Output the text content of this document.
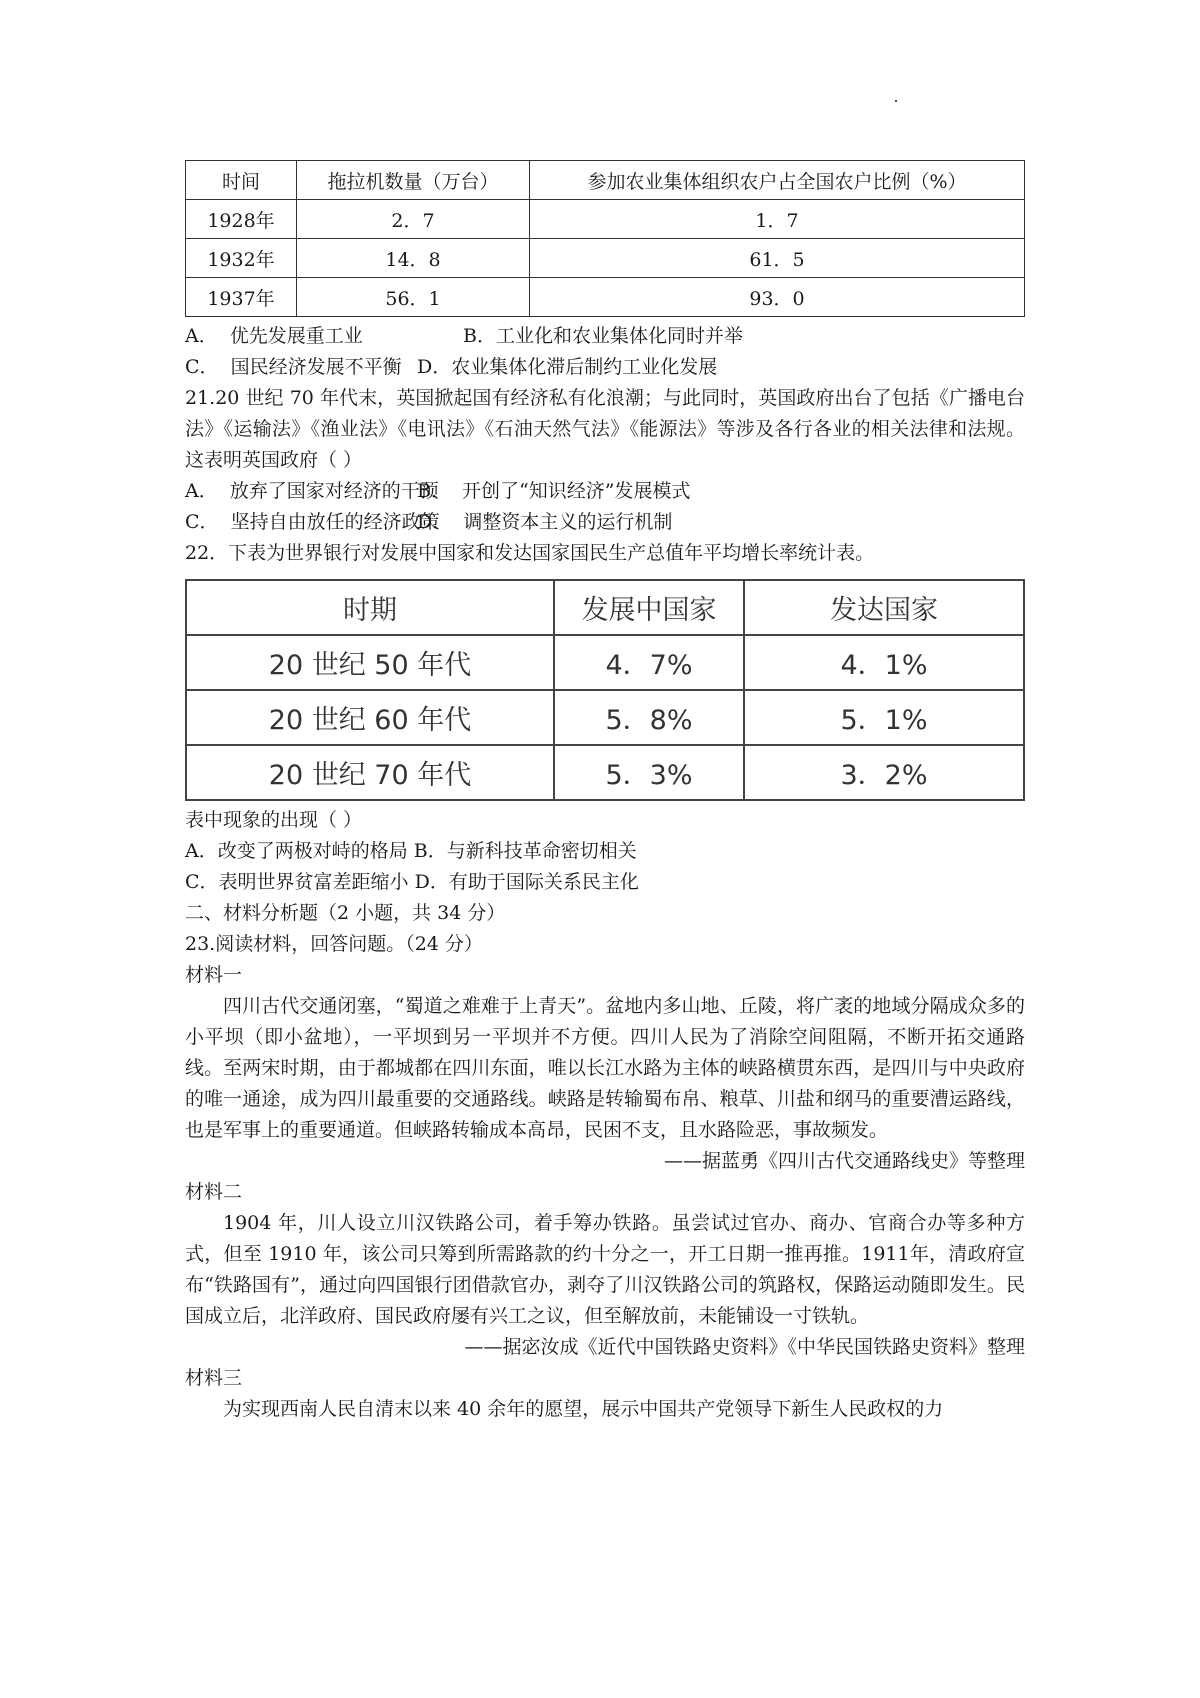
时间	拖拉机数量（万台）	参加农业集体组织农户占全国农户比例（%）
1928年	2．7	1．7
1932年	14．8	61．5
1937年	56．1	93．0

A．  优先发展重工业	B．工业化和农业集体化同时并举

C．  国民经济发展不平衡 D．农业集体化滞后制约工业化发展

21.20 世纪 70 年代末，英国掀起国有经济私有化浪潮；与此同时，英国政府出台了包括《广播电台法》《运输法》《渔业法》《电讯法》《石油天然气法》《能源法》等涉及各行各业的相关法律和法规。这表明英国政府（ ）

A．  放弃了国家对经济的干预B．  开创了“知识经济”发展模式

C．  坚持自由放任的经济政策D．  调整资本主义的运行机制

22．下表为世界银行对发展中国家和发达国家国民生产总值年平均增长率统计表。

时期	发展中国家	发达国家
20 世纪 50 年代	4．7%	4．1%
20 世纪 60 年代	5．8%	5．1%
20 世纪 70 年代	5．3%	3．2%

表中现象的出现（ ）

A．改变了两极对峙的格局 B．与新科技革命密切相关

C．表明世界贫富差距缩小 D．有助于国际关系民主化

二、材料分析题（2 小题，共 34 分）

23.阅读材料，回答问题。（24 分）

材料一

四川古代交通闭塞，“蜀道之难难于上青天”。盆地内多山地、丘陵，将广袤的地域分隔成众多的小平坝（即小盆地），一平坝到另一平坝并不方便。四川人民为了消除空间阻隔，不断开拓交通路线。至两宋时期，由于都城都在四川东面，唯以长江水路为主体的峡路横贯东西，是四川与中央政府的唯一通途，成为四川最重要的交通路线。峡路是转输蜀布帛、粮草、川盐和纲马的重要漕运路线，也是军事上的重要通道。但峡路转输成本高昂，民困不支，且水路险恶，事故频发。

——据蓝勇《四川古代交通路线史》等整理

材料二

1904 年，川人设立川汉铁路公司，着手筹办铁路。虽尝试过官办、商办、官商合办等多种方式，但至 1910 年，该公司只筹到所需路款的约十分之一，开工日期一推再推。1911年，清政府宣布“铁路国有”，通过向四国银行团借款官办，剥夺了川汉铁路公司的筑路权，保路运动随即发生。民国成立后，北洋政府、国民政府屡有兴工之议，但至解放前，未能铺设一寸铁轨。

——据宓汝成《近代中国铁路史资料》《中华民国铁路史资料》整理

材料三

为实现西南人民自清末以来 40 余年的愿望，展示中国共产党领导下新生人民政权的力
